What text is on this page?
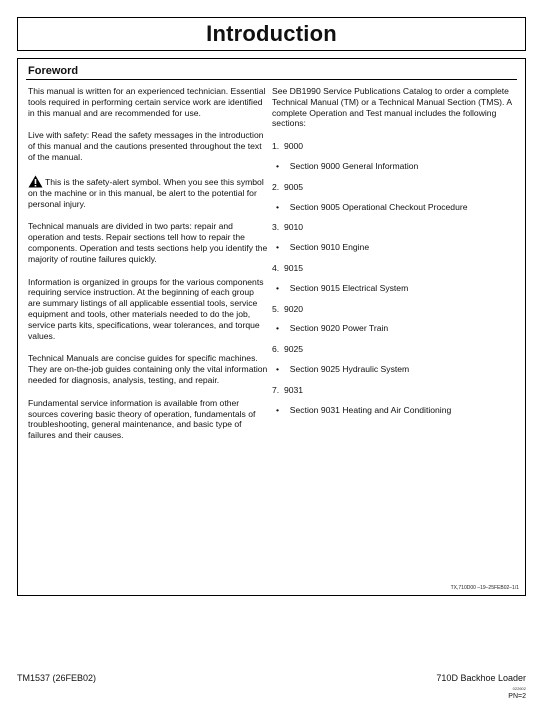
Introduction
Foreword

This manual is written for an experienced technician. Essential tools required in performing certain service work are identified in this manual and are recommended for use.

Live with safety: Read the safety messages in the introduction of this manual and the cautions presented throughout the text of the manual.

This is the safety-alert symbol. When you see this symbol on the machine or in this manual, be alert to the potential for personal injury.

Technical manuals are divided in two parts: repair and operation and tests. Repair sections tell how to repair the components. Operation and tests sections help you identify the majority of routine failures quickly.

Information is organized in groups for the various components requiring service instruction. At the beginning of each group are summary listings of all applicable essential tools, service equipment and tools, other materials needed to do the job, service parts kits, specifications, wear tolerances, and torque values.

Technical Manuals are concise guides for specific machines. They are on-the-job guides containing only the vital information needed for diagnosis, analysis, testing, and repair.

Fundamental service information is available from other sources covering basic theory of operation, fundamentals of troubleshooting, general maintenance, and basic type of failures and their causes.

See DB1990 Service Publications Catalog to order a complete Technical Manual (TM) or a Technical Manual Section (TMS). A complete Operation and Test manual includes the following sections:

1. 9000
• Section 9000 General Information
2. 9005
• Section 9005 Operational Checkout Procedure
3. 9010
• Section 9010 Engine
4. 9015
• Section 9015 Electrical System
5. 9020
• Section 9020 Power Train
6. 9025
• Section 9025 Hydraulic System
7. 9031
• Section 9031 Heating and Air Conditioning
TX,710D00 –19–25FEB02–1/1
TM1537 (26FEB02)	710D Backhoe Loader
022602
PN=2
